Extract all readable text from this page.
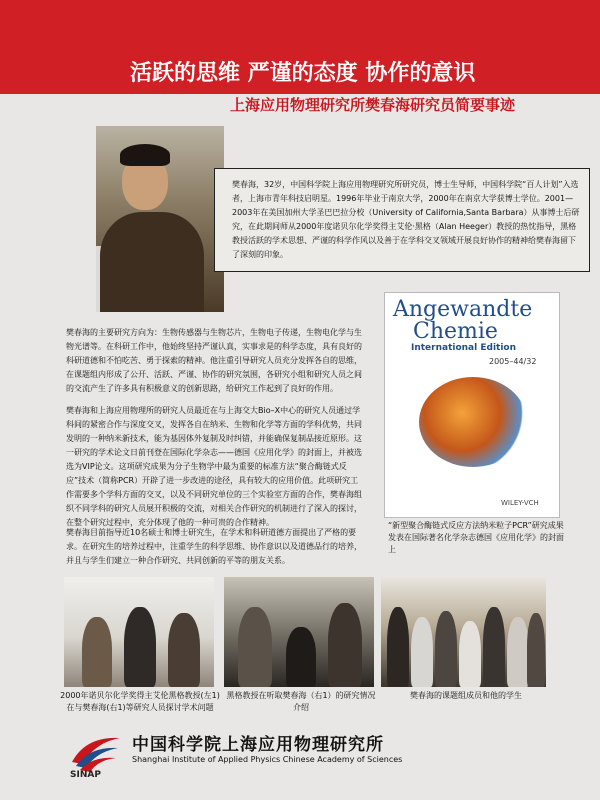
活跃的思维 严谨的态度 协作的意识
上海应用物理研究所樊春海研究员简要事迹
樊春海，32岁，中国科学院上海应用物理研究所研究员，博士生导师，中国科学院“百人计划”入选者，上海市青年科技启明星。1996年毕业于南京大学，2000年在南京大学获博士学位。2001—2003年在美国加州大学圣巴巴拉分校（University of California,Santa Barbara）从事博士后研究，在此期间师从2000年度诺贝尔化学奖得主艾伦·黑格（Alan Heeger）教授的热忱指导，黑格教授活跃的学术思想、严谨的科学作风以及善于在学科交叉领域开展良好协作的精神给樊春海留下了深刻的印象。
Angewandte
Chemie
International Edition
2005–44/32
WILEY-VCH
“新型聚合酶链式反应方法纳米粒子PCR”研究成果发表在国际著名化学杂志德国《应用化学》的封面上
樊春海的主要研究方向为：生物传感器与生物芯片，生物电子传递，生物电化学与生物光谱等。在科研工作中，他始终坚持严谨认真，实事求是的科学态度，具有良好的科研道德和不怕吃苦、勇于探索的精神。他注重引导研究人员充分发挥各自的思维，在课题组内形成了公开、活跃、严谨、协作的研究氛围，各研究小组和研究人员之间的交流产生了许多具有积极意义的创新思路，给研究工作起到了良好的作用。
樊春海和上海应用物理所的研究人员最近在与上海交大Bio–X中心的研究人员通过学科间的紧密合作与深度交叉，发挥各自在纳米、生物和化学等方面的学科优势，共同发明的一种纳米新技术，能为基因体外复制及时纠错，并能确保复制品接近原形。这一研究的学术论文日前刊登在国际化学杂志——德国《应用化学》的封面上，并被选选为VIP论文。这项研究成果为分子生物学中最为重要的标准方法“聚合酶链式反应”技术（简称PCR）开辟了进一步改进的途径，具有较大的应用价值。此项研究工作需要多个学科方面的交叉，以及不同研究单位的三个实验室方面的合作，樊春海组织不同学科的研究人员展开积极的交流，对相关合作研究的机制进行了深入的探讨，在整个研究过程中，充分体现了他的一种可贵的合作精神。
樊春海目前指导近10名硕士和博士研究生，在学术和科研道德方面提出了严格的要求。在研究生的培养过程中，注重学生的科学思维、协作意识以及道德品行的培养，并且与学生们建立一种合作研究、共同创新的平等的朋友关系。
2000年诺贝尔化学奖得主艾伦黑格教授(左1)在与樊春海(右1)等研究人员探讨学术问题
黑格教授在听取樊春海（右1）的研究情况介绍
樊春海的课题组成员和他的学生
SINAP
中国科学院上海应用物理研究所
Shanghai Institute of Applied Physics Chinese Academy of Sciences
